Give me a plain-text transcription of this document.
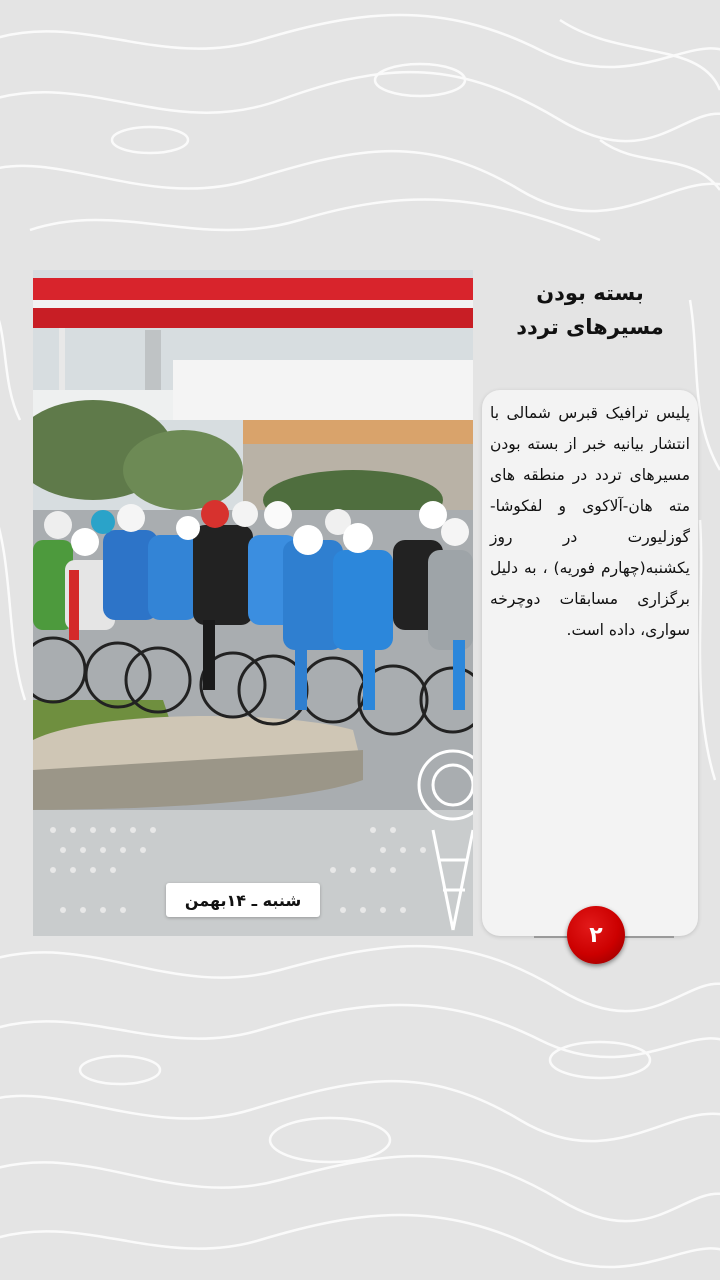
شنبه ـ ۱۴بهمن
بسته بودن
مسیرهای تردد
پلیس ترافیک قبرس شمالی با انتشار بیانیه خبر از بسته بودن مسیرهای تردد در منطقه های مته هان-آلاکوی و لفکوشا-گوزلیورت در روز یکشنبه(چهارم فوریه) ، به دلیل برگزاری مسابقات دوچرخه سواری، داده است.
۲
